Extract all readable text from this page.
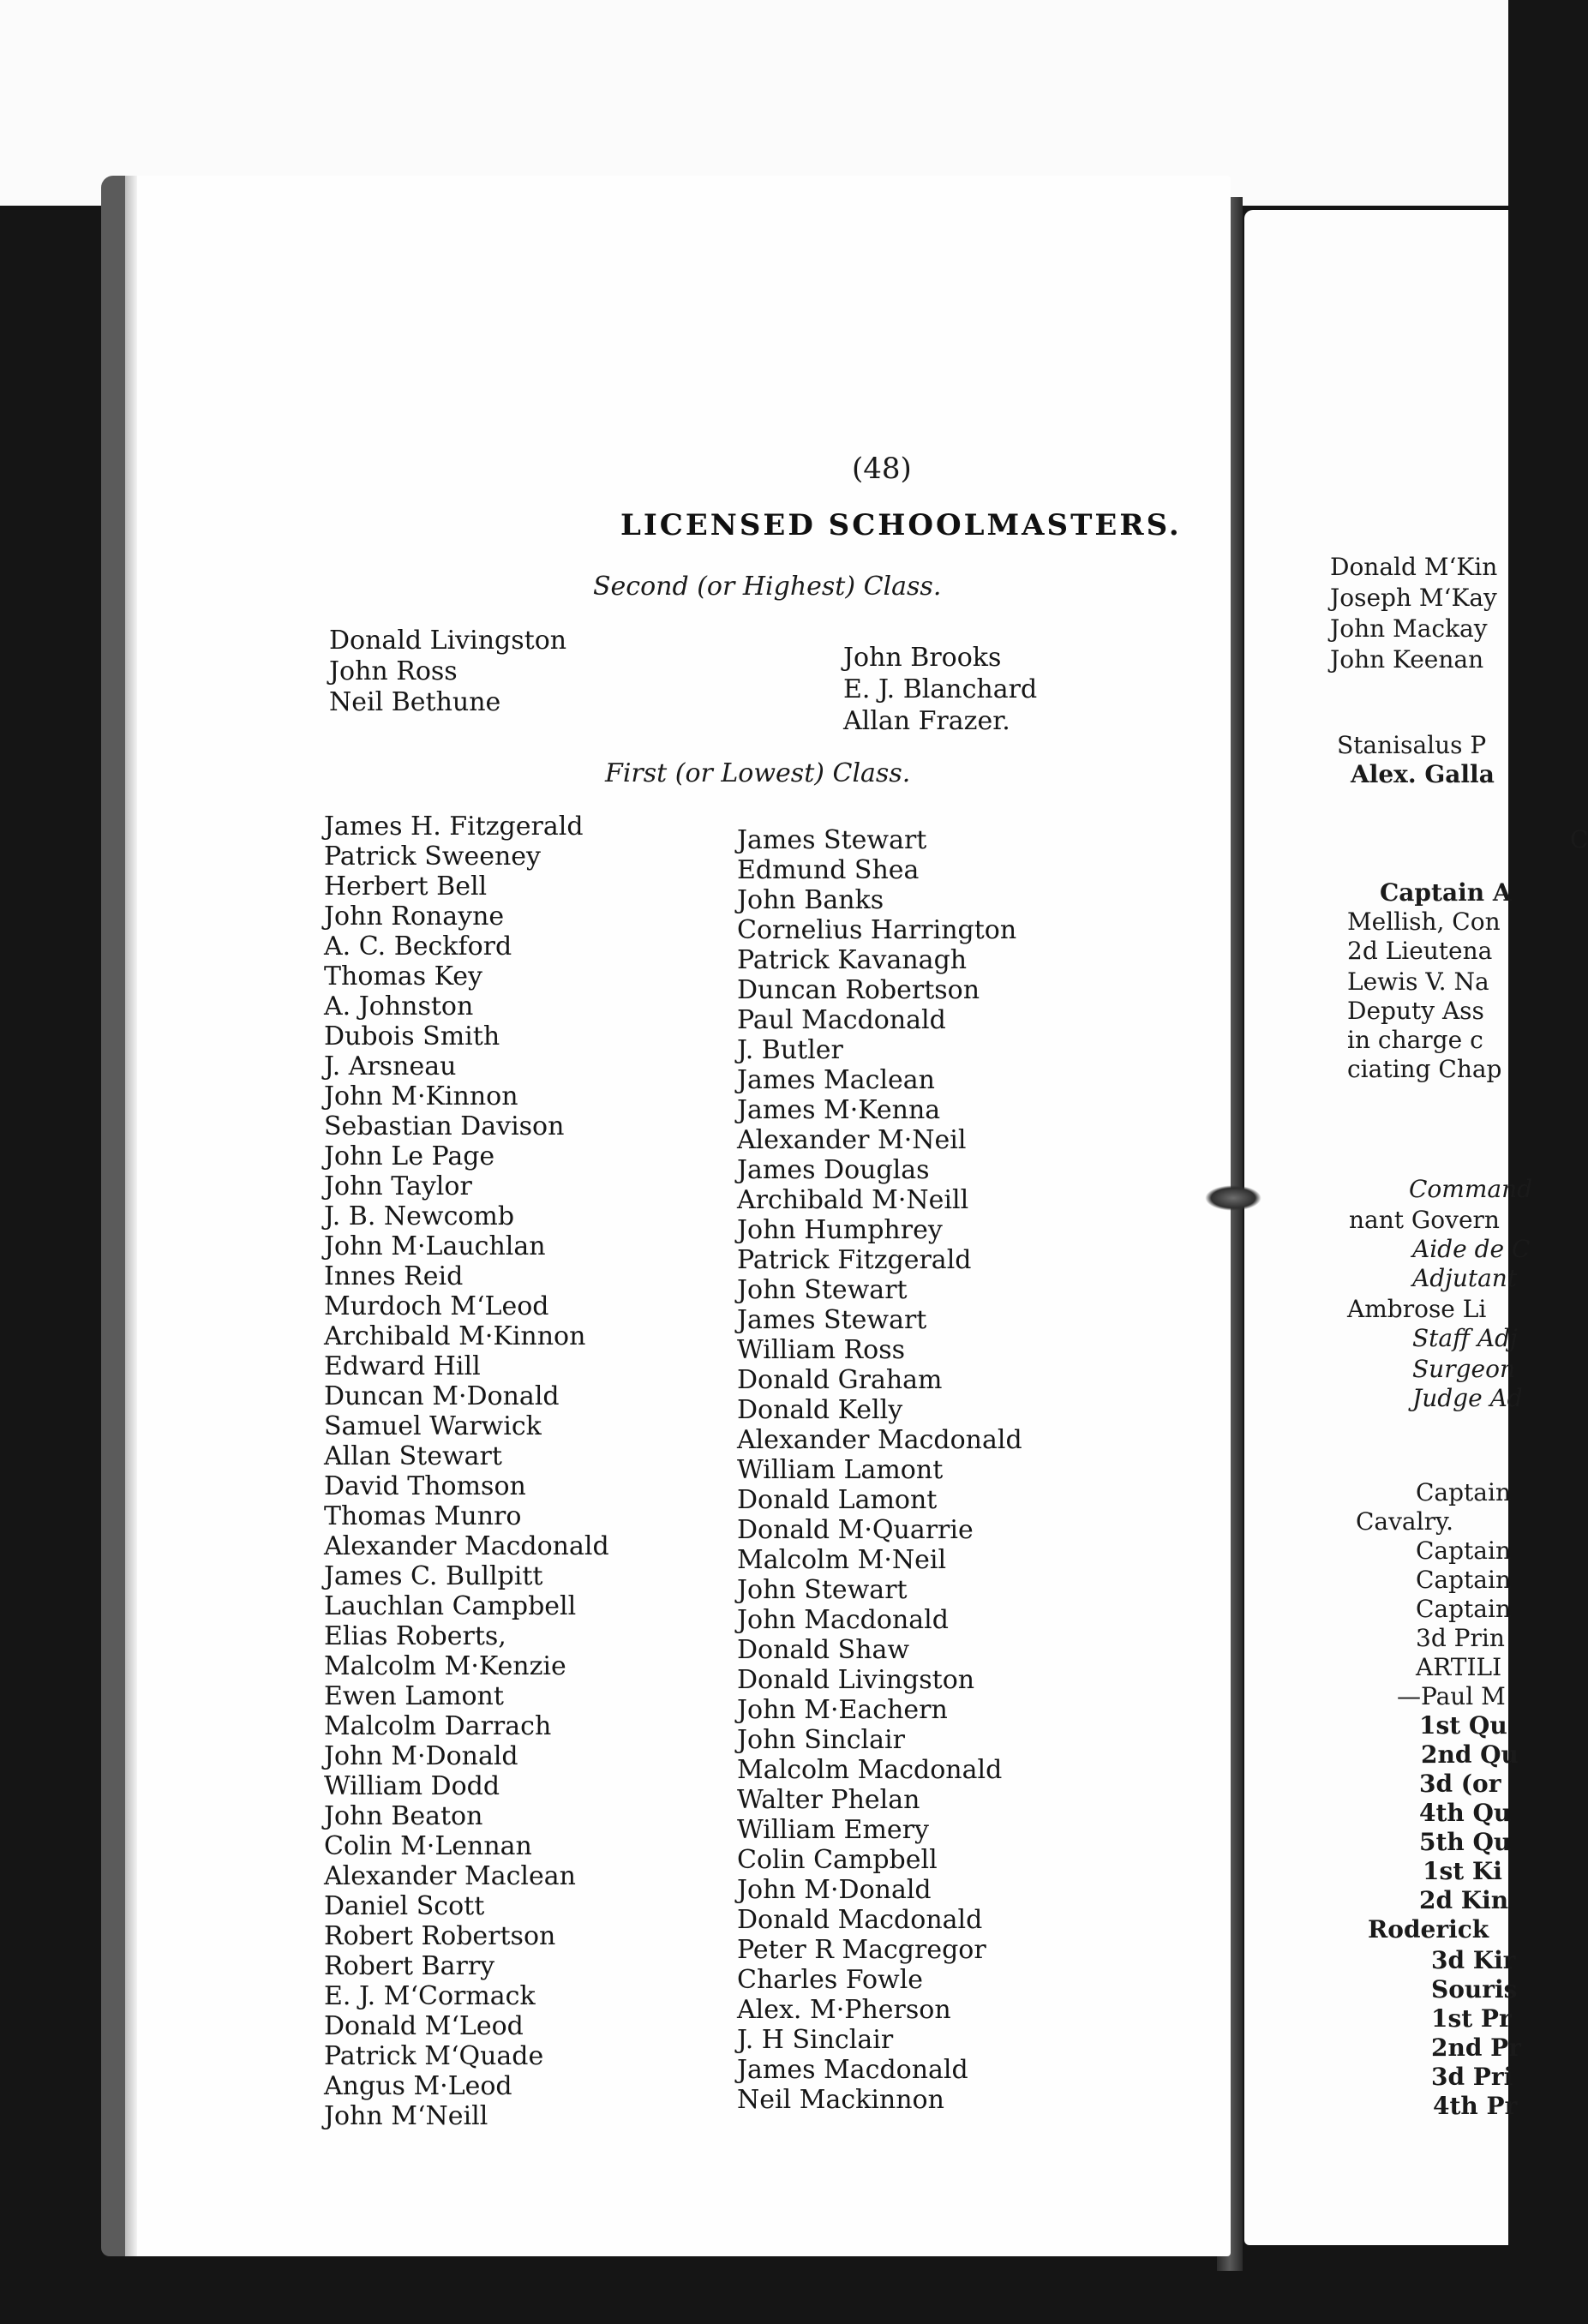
(48)
LICENSED SCHOOLMASTERS.
Second (or Highest) Class.
Donald Livingston
John Ross
Neil Bethune
John Brooks
E. J. Blanchard
Allan Frazer.
First (or Lowest) Class.
James H. Fitzgerald
Patrick Sweeney
Herbert Bell
John Ronayne
A. C. Beckford
Thomas Key
A. Johnston
Dubois Smith
J. Arsneau
John M·Kinnon
Sebastian Davison
John Le Page
John Taylor
J. B. Newcomb
John M·Lauchlan
Innes Reid
Murdoch M‘Leod
Archibald M·Kinnon
Edward Hill
Duncan M·Donald
Samuel Warwick
Allan Stewart
David Thomson
Thomas Munro
Alexander Macdonald
James C. Bullpitt
Lauchlan Campbell
Elias Roberts,
Malcolm M·Kenzie
Ewen Lamont
Malcolm Darrach
John M·Donald
William Dodd
John Beaton
Colin M·Lennan
Alexander Maclean
Daniel Scott
Robert Robertson
Robert Barry
E. J. M‘Cormack
Donald M‘Leod
Patrick M‘Quade
Angus M·Leod
John M‘Neill
James Stewart
Edmund Shea
John Banks
Cornelius Harrington
Patrick Kavanagh
Duncan Robertson
Paul Macdonald
J. Butler
James Maclean
James M·Kenna
Alexander M·Neil
James Douglas
Archibald M·Neill
John Humphrey
Patrick Fitzgerald
John Stewart
James Stewart
William Ross
Donald Graham
Donald Kelly
Alexander Macdonald
William Lamont
Donald Lamont
Donald M·Quarrie
Malcolm M·Neil
John Stewart
John Macdonald
Donald Shaw
Donald Livingston
John M·Eachern
John Sinclair
Malcolm Macdonald
Walter Phelan
William Emery
Colin Campbell
John M·Donald
Donald Macdonald
Peter R Macgregor
Charles Fowle
Alex. M·Pherson
J. H Sinclair
James Macdonald
Neil Mackinnon
Donald M‘Kin
Joseph M‘Kay
John Mackay
John Keenan
Stanisalus P
Alex. Galla
C
Captain A
Mellish, Con
2d Lieutena
Lewis V. Na
Deputy Ass
in charge c
ciating Chap
Command
nant Govern
Aide de C
Adjutant
Ambrose Li
Staff Adj
Surgeon
Judge Ad
Captain
Cavalry.
Captain
Captain
Captain
3d Prin
ARTILI
—Paul M
1st Qu
2nd Qu
3d (or
4th Qu
5th Qu
1st Ki
2d Kin
Roderick
3d Kir
Souris
1st Pr
2nd Pr
3d Pri
4th Pr
